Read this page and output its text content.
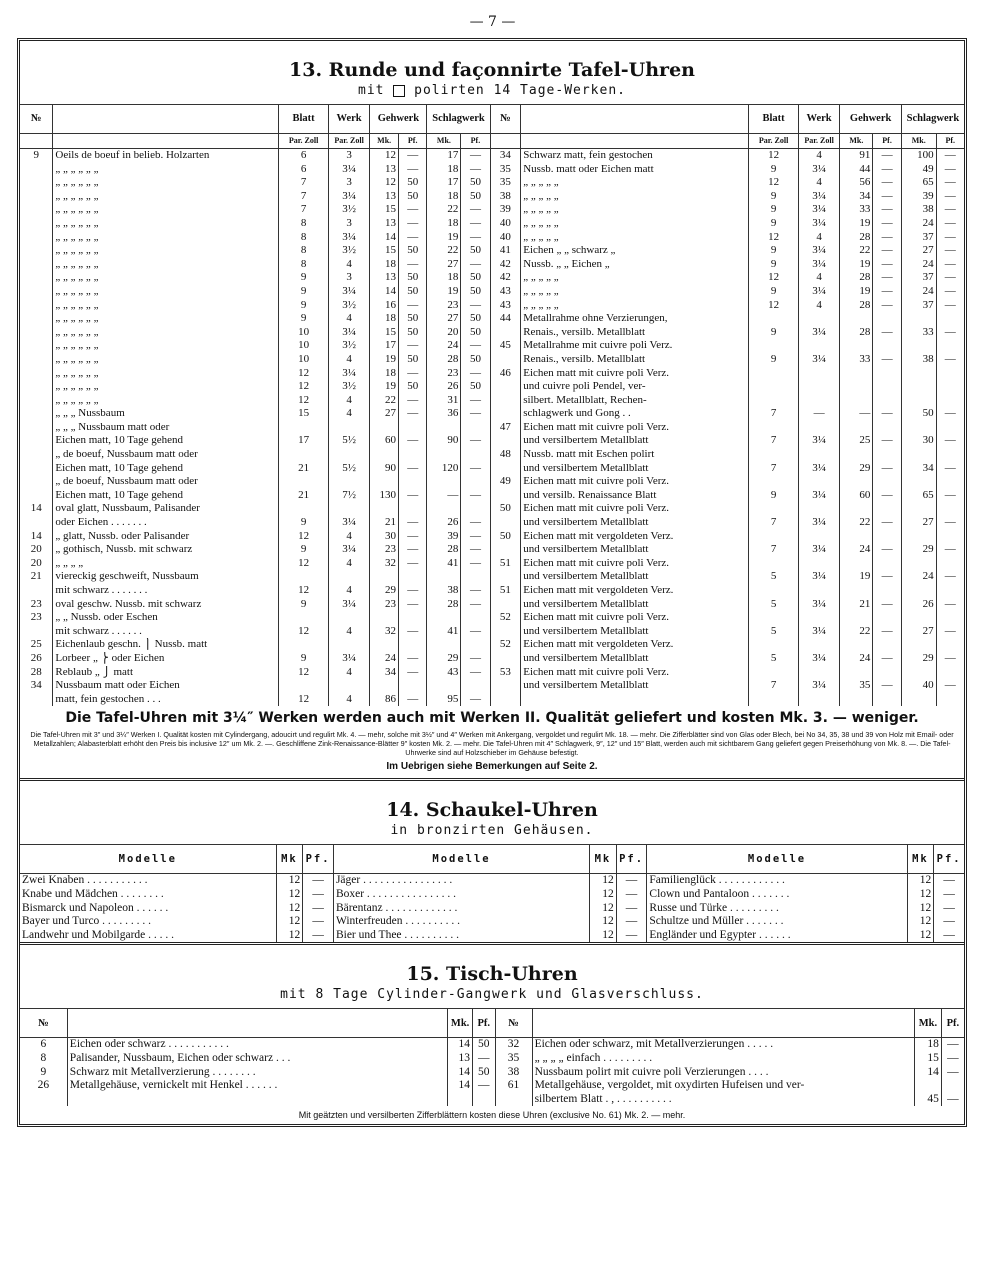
— 7 —
13. Runde und façonnirte Tafel-Uhren
mit polirten 14 Tage-Werken.
№		Blatt	Werk	Gehwerk		Schlagwerk		№		Blatt	Werk	Gehwerk		Schlagwerk	
		Par. Zoll	Par. Zoll	Mk.	Pf.	Mk.	Pf.			Par. Zoll	Par. Zoll	Mk.	Pf.	Mk.	Pf.
9	Oeils de boeuf in belieb. Holzarten	6	3	12	—	17	—	34	Schwarz matt, fein gestochen	12	4	91	—	100	—
	„ „ „ „ „ „	6	3¼	13	—	18	—	35	Nussb. matt oder Eichen matt	9	3¼	44	—	49	—
	„ „ „ „ „ „	7	3	12	50	17	50	35	„ „ „ „ „	12	4	56	—	65	—
	„ „ „ „ „ „	7	3¼	13	50	18	50	38	„ „ „ „ „	9	3¼	34	—	39	—
	„ „ „ „ „ „	7	3½	15	—	22	—	39	„ „ „ „ „	9	3¼	33	—	38	—
	„ „ „ „ „ „	8	3	13	—	18	—	40	„ „ „ „ „	9	3¼	19	—	24	—
	„ „ „ „ „ „	8	3¼	14	—	19	—	40	„ „ „ „ „	12	4	28	—	37	—
	„ „ „ „ „ „	8	3½	15	50	22	50	41	Eichen „ „ schwarz „	9	3¼	22	—	27	—
	„ „ „ „ „ „	8	4	18	—	27	—	42	Nussb. „ „ Eichen „	9	3¼	19	—	24	—
	„ „ „ „ „ „	9	3	13	50	18	50	42	„ „ „ „ „	12	4	28	—	37	—
	„ „ „ „ „ „	9	3¼	14	50	19	50	43	„ „ „ „ „	9	3¼	19	—	24	—
	„ „ „ „ „ „	9	3½	16	—	23	—	43	„ „ „ „ „	12	4	28	—	37	—
	„ „ „ „ „ „	9	4	18	50	27	50	44	Metallrahme ohne Verzierungen,						
	„ „ „ „ „ „	10	3¼	15	50	20	50		Renais., versilb. Metallblatt	9	3¼	28	—	33	—
	„ „ „ „ „ „	10	3½	17	—	24	—	45	Metallrahme mit cuivre poli Verz.						
	„ „ „ „ „ „	10	4	19	50	28	50		Renais., versilb. Metallblatt	9	3¼	33	—	38	—
	„ „ „ „ „ „	12	3¼	18	—	23	—	46	Eichen matt mit cuivre poli Verz.						
	„ „ „ „ „ „	12	3½	19	50	26	50		und cuivre poli Pendel, ver-						
	„ „ „ „ „ „	12	4	22	—	31	—		silbert. Metallblatt, Rechen-						
	„ „ „ Nussbaum	15	4	27	—	36	—		schlagwerk und Gong . .	7	—	—	—	50	—
	„ „ „ Nussbaum matt oder							47	Eichen matt mit cuivre poli Verz.						
	Eichen matt, 10 Tage gehend	17	5½	60	—	90	—		und versilbertem Metallblatt	7	3¼	25	—	30	—
	„ de boeuf, Nussbaum matt oder							48	Nussb. matt mit Eschen polirt						
	Eichen matt, 10 Tage gehend	21	5½	90	—	120	—		und versilbertem Metallblatt	7	3¼	29	—	34	—
	„ de boeuf, Nussbaum matt oder							49	Eichen matt mit cuivre poli Verz.						
	Eichen matt, 10 Tage gehend	21	7½	130	—	—	—		und versilb. Renaissance Blatt	9	3¼	60	—	65	—
14	oval glatt, Nussbaum, Palisander							50	Eichen matt mit cuivre poli Verz.						
	oder Eichen . . . . . . .	9	3¼	21	—	26	—		und versilbertem Metallblatt	7	3¼	22	—	27	—
14	„ glatt, Nussb. oder Palisander	12	4	30	—	39	—	50	Eichen matt mit vergoldeten Verz.						
20	„ gothisch, Nussb. mit schwarz	9	3¼	23	—	28	—		und versilbertem Metallblatt	7	3¼	24	—	29	—
20	„ „ „ „	12	4	32	—	41	—	51	Eichen matt mit cuivre poli Verz.						
21	viereckig geschweift, Nussbaum								und versilbertem Metallblatt	5	3¼	19	—	24	—
	mit schwarz . . . . . . .	12	4	29	—	38	—	51	Eichen matt mit vergoldeten Verz.						
23	oval geschw. Nussb. mit schwarz	9	3¼	23	—	28	—		und versilbertem Metallblatt	5	3¼	21	—	26	—
23	„ „ Nussb. oder Eschen							52	Eichen matt mit cuivre poli Verz.						
	mit schwarz . . . . . .	12	4	32	—	41	—		und versilbertem Metallblatt	5	3¼	22	—	27	—
25	Eichenlaub geschn. ⎫ Nussb. matt							52	Eichen matt mit vergoldeten Verz.						
26	Lorbeer „ ⎬ oder Eichen	9	3¼	24	—	29	—		und versilbertem Metallblatt	5	3¼	24	—	29	—
28	Reblaub „ ⎭ matt	12	4	34	—	43	—	53	Eichen matt mit cuivre poli Verz.						
34	Nussbaum matt oder Eichen								und versilbertem Metallblatt	7	3¼	35	—	40	—
	matt, fein gestochen . . .	12	4	86	—	95	—								
Die Tafel-Uhren mit 3¼″ Werken werden auch mit Werken II. Qualität geliefert und kosten Mk. 3. — weniger.
Die Tafel-Uhren mit 3″ und 3¼″ Werken I. Qualität kosten mit Cylindergang, adoucirt und regulirt Mk. 4. — mehr, solche mit 3½″ und 4″ Werken mit Ankergang, vergoldet und regulirt Mk. 18. — mehr. Die Zifferblätter sind von Glas oder Blech, bei No 34, 35, 38 und 39 von Holz mit Email- oder Metallzahlen; Alabasterblatt erhöht den Preis bis inclusive 12″ um Mk. 2. —. Geschliffene Zink-Renaissance-Blätter 9″ kosten Mk. 2. — mehr. Die Tafel-Uhren mit 4″ Schlagwerk, 9″, 12″ und 15″ Blatt, werden auch mit sichtbarem Gang geliefert gegen Preiserhöhung von Mk. 8. —. Die Tafel-Uhrwerke sind auf Holzschieber im Gehäuse befestigt.
Im Uebrigen siehe Bemerkungen auf Seite 2.
14. Schaukel-Uhren
in bronzirten Gehäusen.
Modelle	Mk	Pf.	Modelle	Mk	Pf.	Modelle	Mk	Pf.
Zwei Knaben . . . . . . . . . . .	12	—	Jäger . . . . . . . . . . . . . . . .	12	—	Familienglück . . . . . . . . . . . .	12	—
Knabe und Mädchen . . . . . . . .	12	—	Boxer . . . . . . . . . . . . . . . .	12	—	Clown und Pantaloon . . . . . . .	12	—
Bismarck und Napoleon . . . . . .	12	—	Bärentanz . . . . . . . . . . . . .	12	—	Russe und Türke . . . . . . . . .	12	—
Bayer und Turco . . . . . . . . .	12	—	Winterfreuden . . . . . . . . . .	12	—	Schultze und Müller . . . . . . .	12	—
Landwehr und Mobilgarde . . . . .	12	—	Bier und Thee . . . . . . . . . .	12	—	Engländer und Egypter . . . . . .	12	—
15. Tisch-Uhren
mit 8 Tage Cylinder-Gangwerk und Glasverschluss.
№		Mk.	Pf.	№		Mk.	Pf.
6	Eichen oder schwarz . . . . . . . . . . .	14	50	32	Eichen oder schwarz, mit Metallverzierungen . . . . .	18	—
8	Palisander, Nussbaum, Eichen oder schwarz . . .	13	—	35	„ „ „ „ einfach . . . . . . . . .	15	—
9	Schwarz mit Metallverzierung . . . . . . . .	14	50	38	Nussbaum polirt mit cuivre poli Verzierungen . . . .	14	—
26	Metallgehäuse, vernickelt mit Henkel . . . . . .	14	—	61	Metallgehäuse, vergoldet, mit oxydirten Hufeisen und ver-		
					silbertem Blatt . , . . . . . . . . . .	45	—
Mit geätzten und versilberten Zifferblättern kosten diese Uhren (exclusive No. 61) Mk. 2. — mehr.
